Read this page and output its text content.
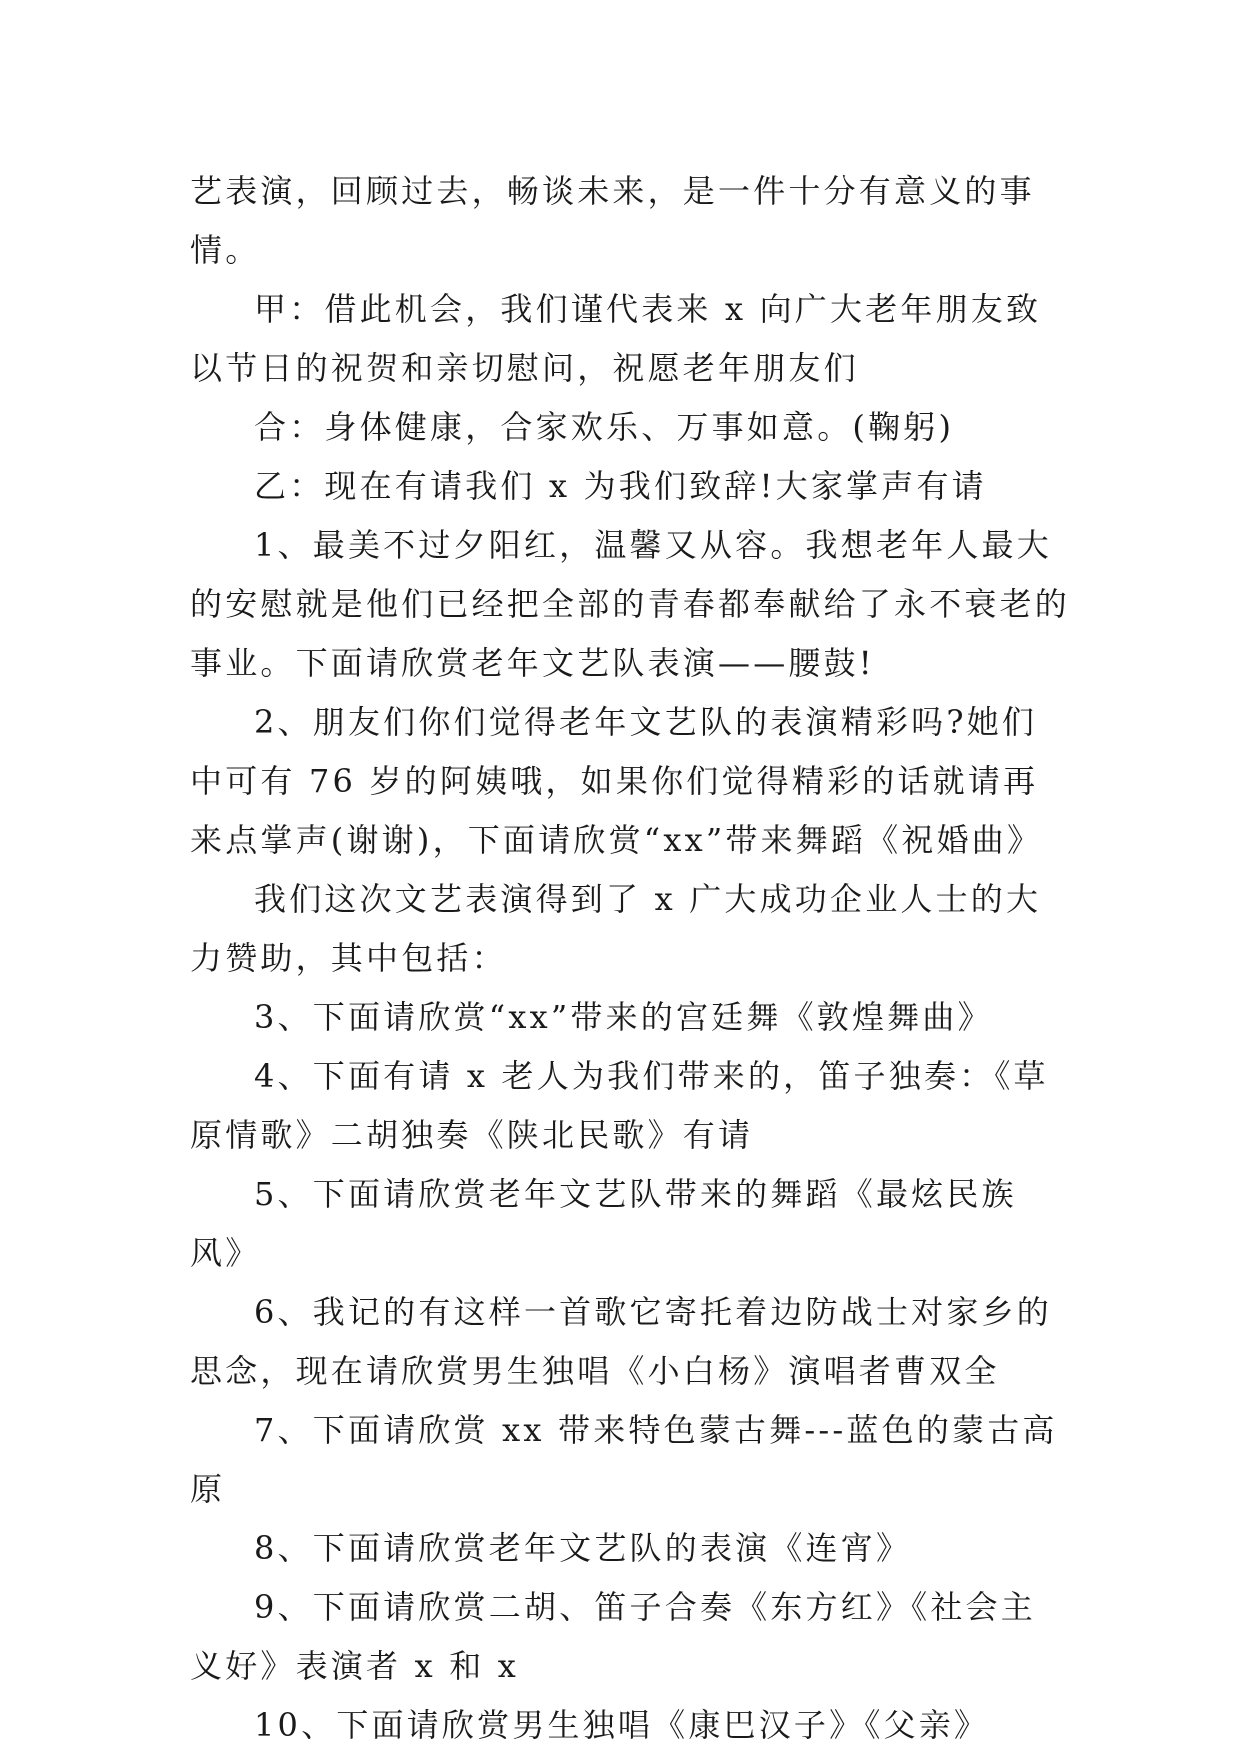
艺表演，回顾过去，畅谈未来，是一件十分有意义的事情。

甲：借此机会，我们谨代表来 x 向广大老年朋友致以节日的祝贺和亲切慰问，祝愿老年朋友们

合：身体健康，合家欢乐、万事如意。(鞠躬)

乙：现在有请我们 x 为我们致辞!大家掌声有请

1、最美不过夕阳红，温馨又从容。我想老年人最大的安慰就是他们已经把全部的青春都奉献给了永不衰老的事业。下面请欣赏老年文艺队表演——腰鼓!

2、朋友们你们觉得老年文艺队的表演精彩吗?她们中可有 76 岁的阿姨哦，如果你们觉得精彩的话就请再来点掌声(谢谢)，下面请欣赏“xx”带来舞蹈《祝婚曲》

我们这次文艺表演得到了 x 广大成功企业人士的大力赞助，其中包括：

3、下面请欣赏“xx”带来的宫廷舞《敦煌舞曲》

4、下面有请 x 老人为我们带来的，笛子独奏：《草原情歌》二胡独奏《陕北民歌》有请

5、下面请欣赏老年文艺队带来的舞蹈《最炫民族风》

6、我记的有这样一首歌它寄托着边防战士对家乡的思念，现在请欣赏男生独唱《小白杨》演唱者曹双全

7、下面请欣赏 xx 带来特色蒙古舞---蓝色的蒙古高原

8、下面请欣赏老年文艺队的表演《连宵》

9、下面请欣赏二胡、笛子合奏《东方红》《社会主义好》表演者 x 和 x

10、下面请欣赏男生独唱《康巴汉子》《父亲》
